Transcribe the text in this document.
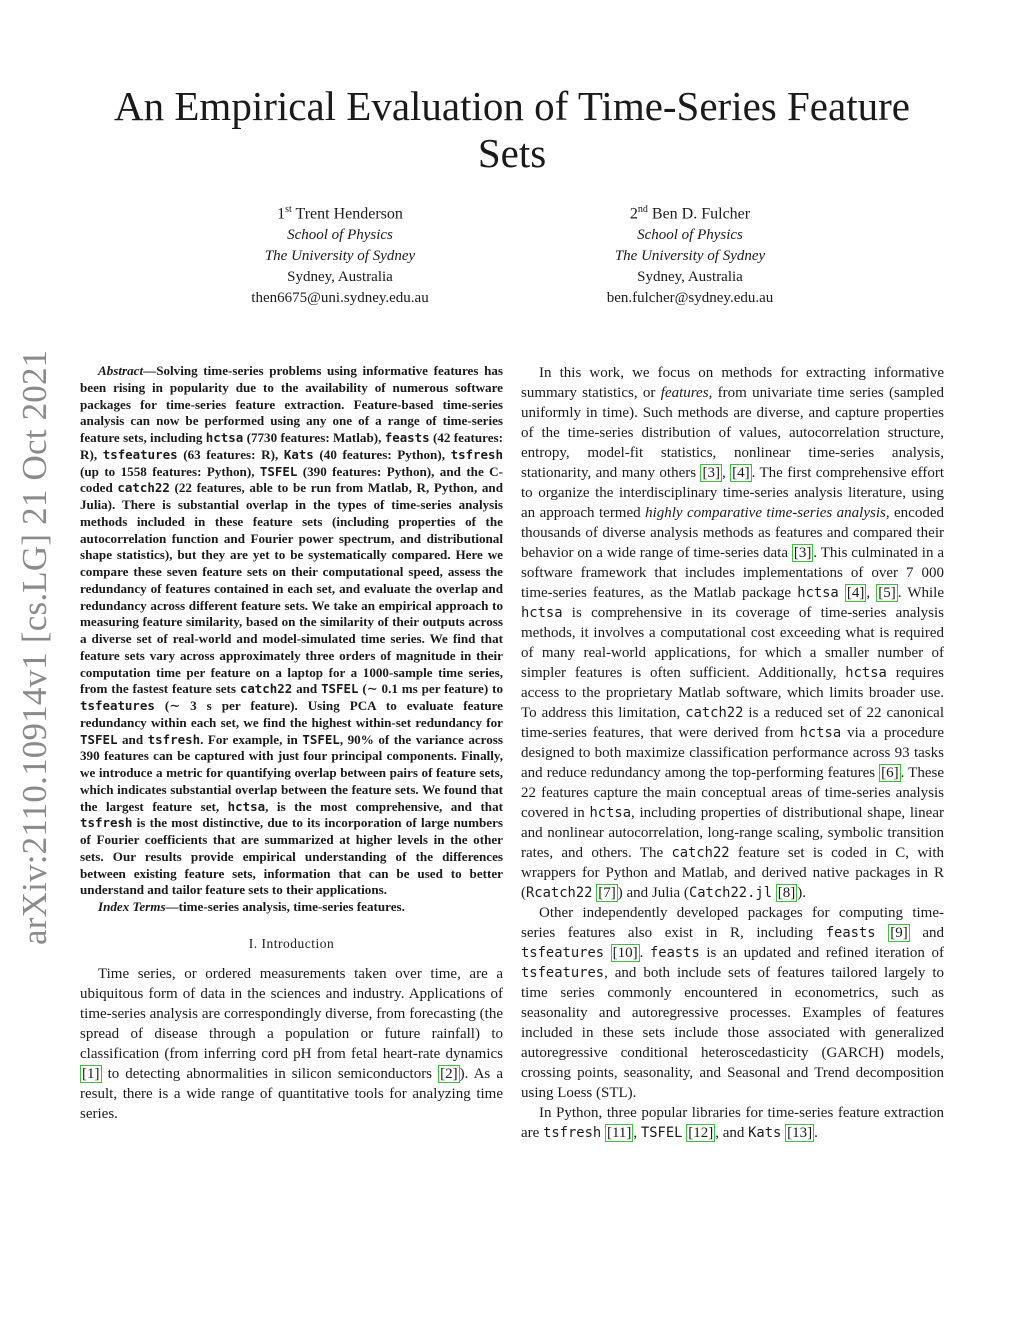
arXiv:2110.10914v1 [cs.LG] 21 Oct 2021
An Empirical Evaluation of Time-Series Feature Sets
1st Trent Henderson
School of Physics
The University of Sydney
Sydney, Australia
then6675@uni.sydney.edu.au
2nd Ben D. Fulcher
School of Physics
The University of Sydney
Sydney, Australia
ben.fulcher@sydney.edu.au

Abstract—Solving time-series problems using informative features has been rising in popularity due to the availability of numerous software packages for time-series feature extraction. Feature-based time-series analysis can now be performed using any one of a range of time-series feature sets, including hctsa (7730 features: Matlab), feasts (42 features: R), tsfeatures (63 features: R), Kats (40 features: Python), tsfresh (up to 1558 features: Python), TSFEL (390 features: Python), and the C-coded catch22 (22 features, able to be run from Matlab, R, Python, and Julia). There is substantial overlap in the types of time-series analysis methods included in these feature sets (including properties of the autocorrelation function and Fourier power spectrum, and distributional shape statistics), but they are yet to be systematically compared. Here we compare these seven feature sets on their computational speed, assess the redundancy of features contained in each set, and evaluate the overlap and redundancy across different feature sets. We take an empirical approach to measuring feature similarity, based on the similarity of their outputs across a diverse set of real-world and model-simulated time series. We find that feature sets vary across approximately three orders of magnitude in their computation time per feature on a laptop for a 1000-sample time series, from the fastest feature sets catch22 and TSFEL (∼ 0.1 ms per feature) to tsfeatures (∼ 3 s per feature). Using PCA to evaluate feature redundancy within each set, we find the highest within-set redundancy for TSFEL and tsfresh. For example, in TSFEL, 90% of the variance across 390 features can be captured with just four principal components. Finally, we introduce a metric for quantifying overlap between pairs of feature sets, which indicates substantial overlap between the feature sets. We found that the largest feature set, hctsa, is the most comprehensive, and that tsfresh is the most distinctive, due to its incorporation of large numbers of Fourier coefficients that are summarized at higher levels in the other sets. Our results provide empirical understanding of the differences between existing feature sets, information that can be used to better understand and tailor feature sets to their applications.

Index Terms—time-series analysis, time-series features.

I. Introduction

Time series, or ordered measurements taken over time, are a ubiquitous form of data in the sciences and industry. Applications of time-series analysis are correspondingly diverse, from forecasting (the spread of disease through a population or future rainfall) to classification (from inferring cord pH from fetal heart-rate dynamics [1] to detecting abnormalities in silicon semiconductors [2] ). As a result, there is a wide range of quantitative tools for analyzing time series.

In this work, we focus on methods for extracting informative summary statistics, or features, from univariate time series (sampled uniformly in time). Such methods are diverse, and capture properties of the time-series distribution of values, autocorrelation structure, entropy, model-fit statistics, nonlinear time-series analysis, stationarity, and many others [3] , [4] . The first comprehensive effort to organize the interdisciplinary time-series analysis literature, using an approach termed highly comparative time-series analysis, encoded thousands of diverse analysis methods as features and compared their behavior on a wide range of time-series data [3] . This culminated in a software framework that includes implementations of over 7 000 time-series features, as the Matlab package hctsa [4] , [5] . While hctsa is comprehensive in its coverage of time-series analysis methods, it involves a computational cost exceeding what is required of many real-world applications, for which a smaller number of simpler features is often sufficient. Additionally, hctsa requires access to the proprietary Matlab software, which limits broader use. To address this limitation, catch22 is a reduced set of 22 canonical time-series features, that were derived from hctsa via a procedure designed to both maximize classification performance across 93 tasks and reduce redundancy among the top-performing features [6] . These 22 features capture the main conceptual areas of time-series analysis covered in hctsa, including properties of distributional shape, linear and nonlinear autocorrelation, long-range scaling, symbolic transition rates, and others. The catch22 feature set is coded in C, with wrappers for Python and Matlab, and derived native packages in R (Rcatch22 [7] ) and Julia (Catch22.jl [8] ).

Other independently developed packages for computing time-series features also exist in R, including feasts [9] and tsfeatures [10] . feasts is an updated and refined iteration of tsfeatures, and both include sets of features tailored largely to time series commonly encountered in econometrics, such as seasonality and autoregressive processes. Examples of features included in these sets include those associated with generalized autoregressive conditional heteroscedasticity (GARCH) models, crossing points, seasonality, and Seasonal and Trend decomposition using Loess (STL).

In Python, three popular libraries for time-series feature extraction are tsfresh [11] , TSFEL [12] , and Kats [13] .
